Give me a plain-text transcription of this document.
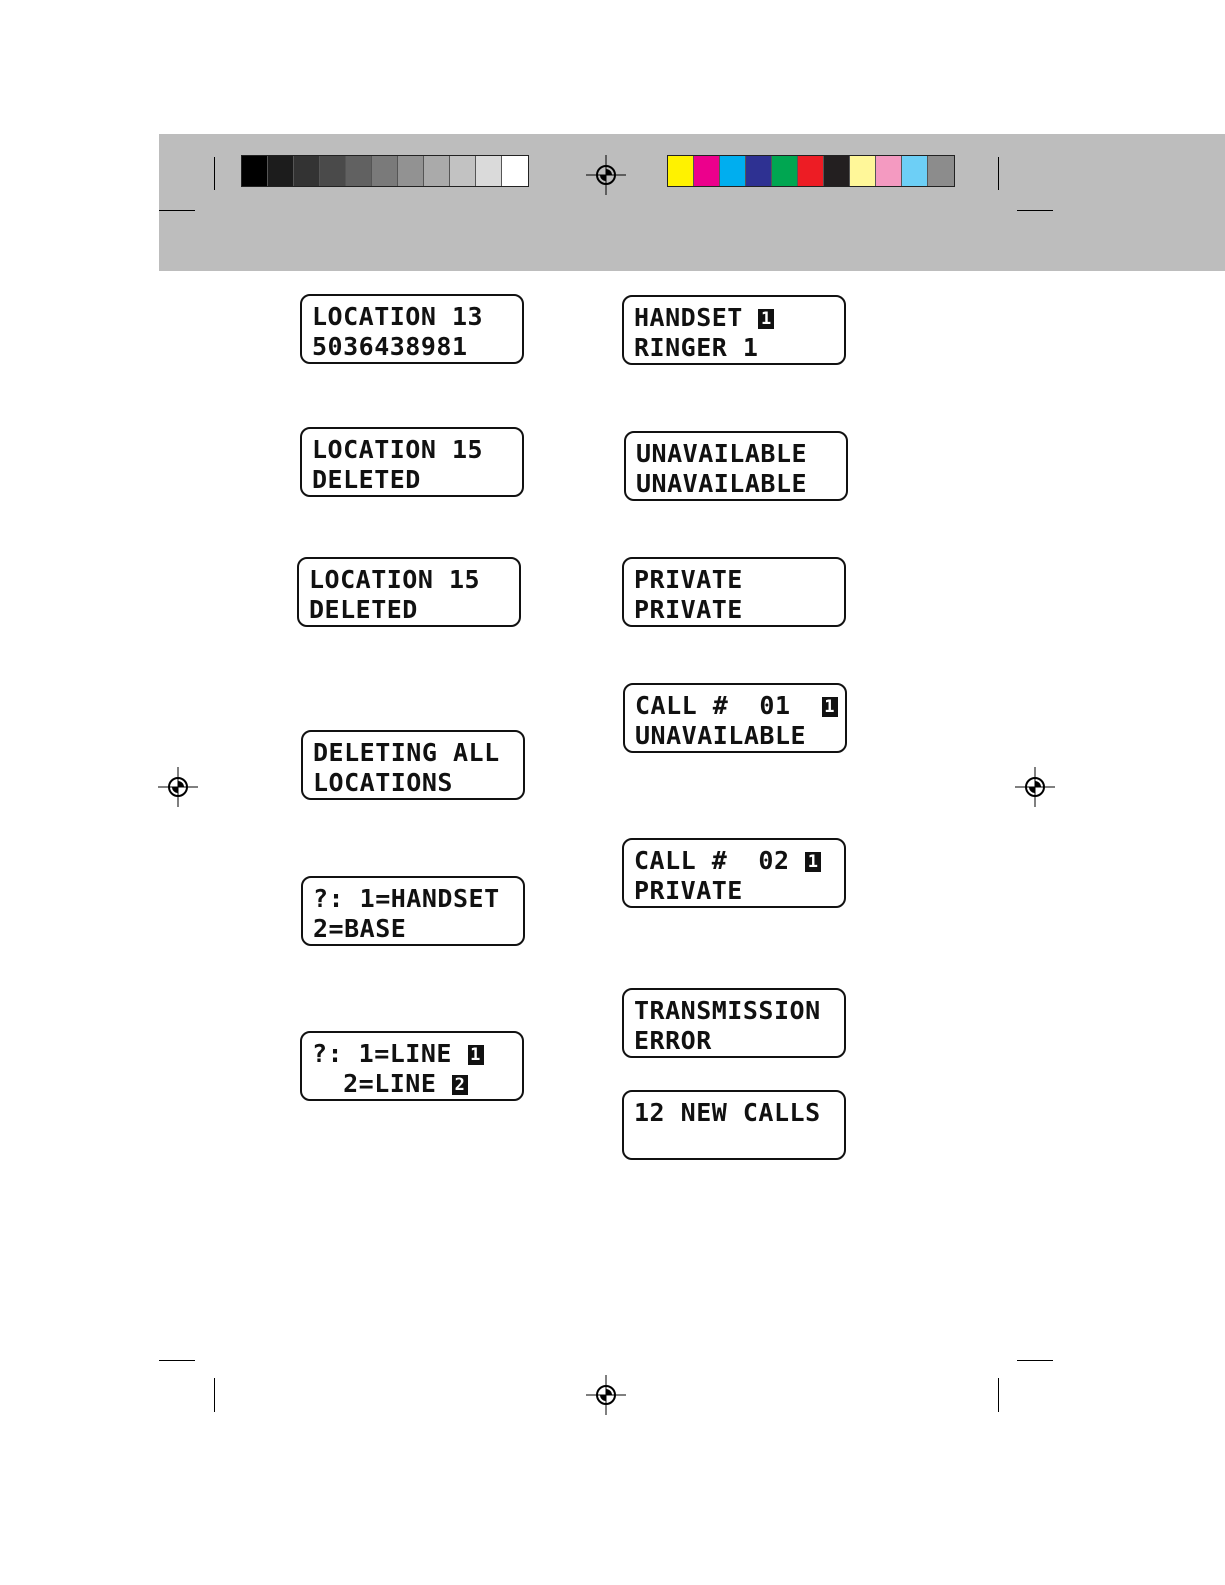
LOCATION 13
5036438981
LOCATION 15
DELETED
LOCATION 15
DELETED
DELETING ALL
LOCATIONS
?: 1=HANDSET
2=BASE
?: 1=LINE 1
2=LINE 2
HANDSET 1
RINGER 1
UNAVAILABLE
UNAVAILABLE
PRIVATE
PRIVATE
CALL #  01  1
UNAVAILABLE
CALL #  02 1
PRIVATE
TRANSMISSION
ERROR
12 NEW CALLS
